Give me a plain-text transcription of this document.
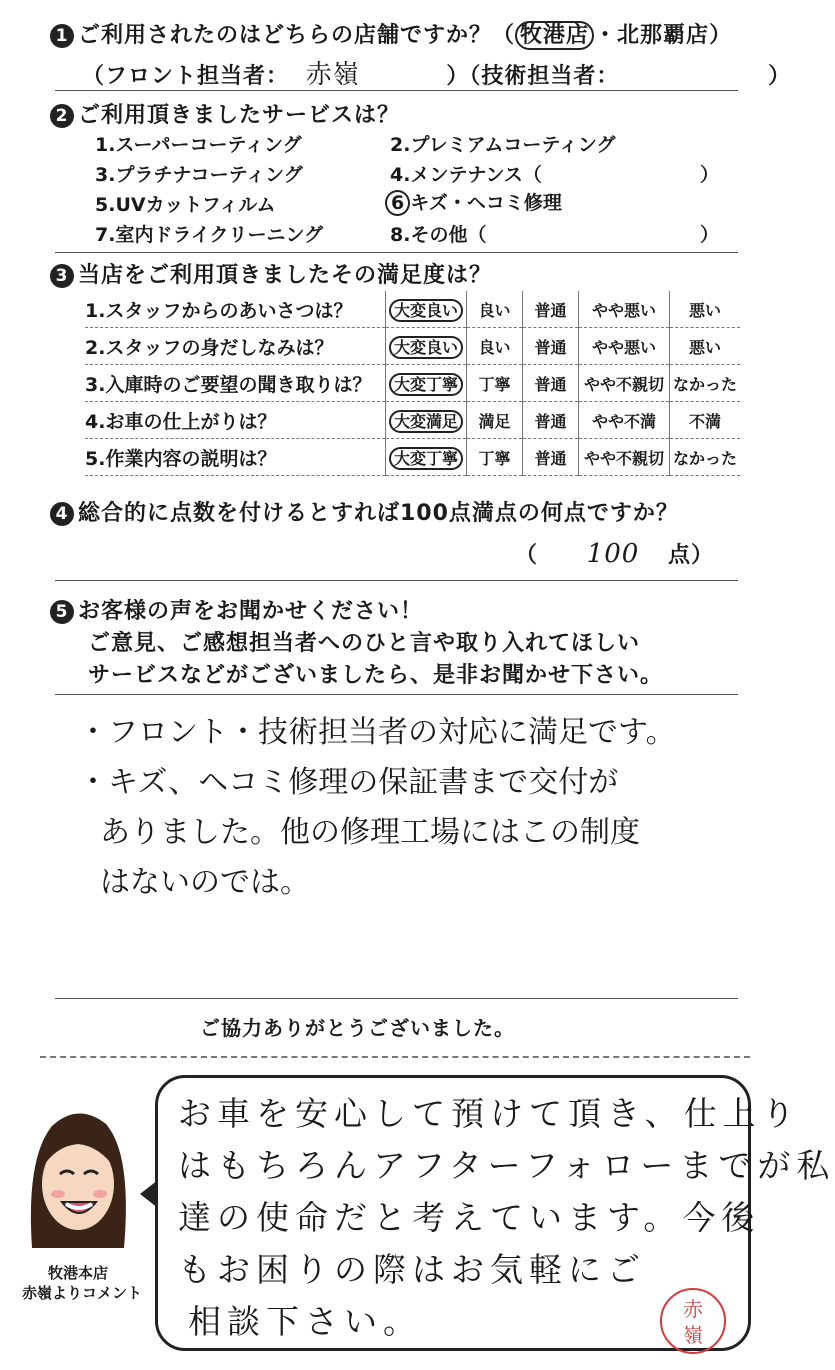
1 ご利用されたのはどちらの店舗ですか？（ 牧港店 ・北那覇店）
（フロント担当者： 赤嶺	）（技術担当者：	）
2 ご利用頂きましたサービスは？
1.スーパーコーティング	2.プレミアムコーティング
3.プラチナコーティング	4.メンテナンス（	）
5.UVカットフィルム	6 キズ・ヘコミ修理
7.室内ドライクリーニング	8.その他（	）
3 当店をご利用頂きましたその満足度は？
1.スタッフからのあいさつは？	大変良い	良い	普通	やや悪い	悪い
2.スタッフの身だしなみは？	大変良い	良い	普通	やや悪い	悪い
3.入庫時のご要望の聞き取りは？	大変丁寧	丁寧	普通	やや不親切	なかった
4.お車の仕上がりは？	大変満足	満足	普通	やや不満	不満
5.作業内容の説明は？	大変丁寧	丁寧	普通	やや不親切	なかった
4 総合的に点数を付けるとすれば100点満点の何点ですか？
（ 100 点）
5 お客様の声をお聞かせください！
ご意見、ご感想担当者へのひと言や取り入れてほしい
サービスなどがございましたら、是非お聞かせ下さい。
・フロント・技術担当者の対応に満足です。
・キズ、ヘコミ修理の保証書まで交付が
ありました。他の修理工場にはこの制度
はないのでは。
ご協力ありがとうございました。
牧港本店
赤嶺よりコメント
お車を安心して預けて頂き、仕上り
はもちろんアフターフォローまでが私
達の使命だと考えています。今後
もお困りの際はお気軽にご
相談下さい。	赤
嶺
